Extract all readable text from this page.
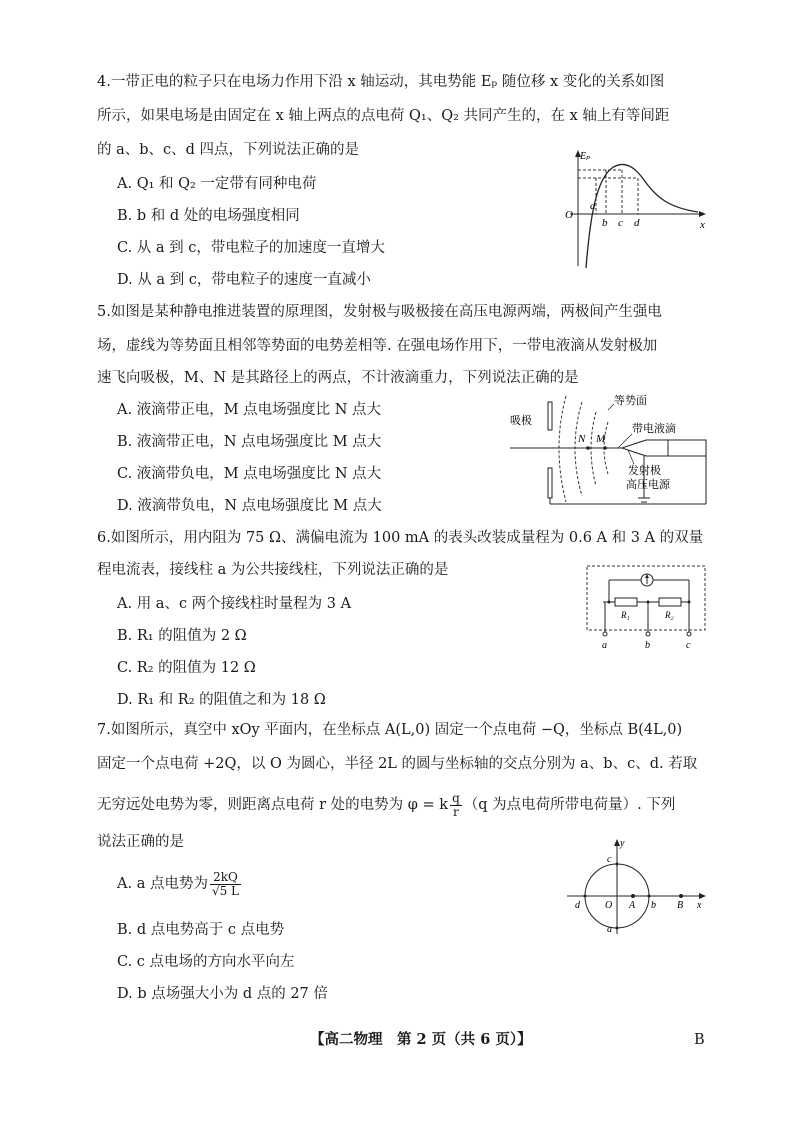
4.一带正电的粒子只在电场力作用下沿 x 轴运动，其电势能 Eₚ 随位移 x 变化的关系如图
所示，如果电场是由固定在 x 轴上两点的点电荷 Q₁、Q₂ 共同产生的，在 x 轴上有等间距
的 a、b、c、d 四点，下列说法正确的是
A. Q₁ 和 Q₂ 一定带有同种电荷
B. b 和 d 处的电场强度相同
C. 从 a 到 c，带电粒子的加速度一直增大
D. 从 a 到 c，带电粒子的速度一直减小
Eₚ
x
O
a
b c d
5.如图是某种静电推进装置的原理图，发射极与吸极接在高压电源两端，两极间产生强电
场，虚线为等势面且相邻等势面的电势差相等. 在强电场作用下，一带电液滴从发射极加
速飞向吸极，M、N 是其路径上的两点，不计液滴重力，下列说法正确的是
A. 液滴带正电，M 点电场强度比 N 点大
B. 液滴带正电，N 点电场强度比 M 点大
C. 液滴带负电，M 点电场强度比 N 点大
D. 液滴带负电，N 点电场强度比 M 点大
吸极
等势面
带电液滴
发射极
高压电源
N M
6.如图所示，用内阻为 75 Ω、满偏电流为 100 mA 的表头改装成量程为 0.6 A 和 3 A 的双量
程电流表，接线柱 a 为公共接线柱，下列说法正确的是
A. 用 a、c 两个接线柱时量程为 3 A
B. R₁ 的阻值为 2 Ω
C. R₂ 的阻值为 12 Ω
D. R₁ 和 R₂ 的阻值之和为 18 Ω
R₁	R₂
a	b	c
7.如图所示，真空中 xOy 平面内，在坐标点 A(L,0) 固定一个点电荷 −Q，坐标点 B(4L,0)
固定一个点电荷 +2Q，以 O 为圆心，半径 2L 的圆与坐标轴的交点分别为 a、b、c、d. 若取
无穷远处电势为零，则距离点电荷 r 处的电势为 φ = k $\frac{q}{r} (q$ 为点电荷所带电荷量）. 下列
说法正确的是
A. a 点电势为 $\frac{2kQ}{√5 L}$
B. d 点电势高于 c 点电势
C. c 点电场的方向水平向左
D. b 点场强大小为 d 点的 27 倍
y
x
O A	B
b
d
c
a
【高二物理　第 2 页（共 6 页）】	B
